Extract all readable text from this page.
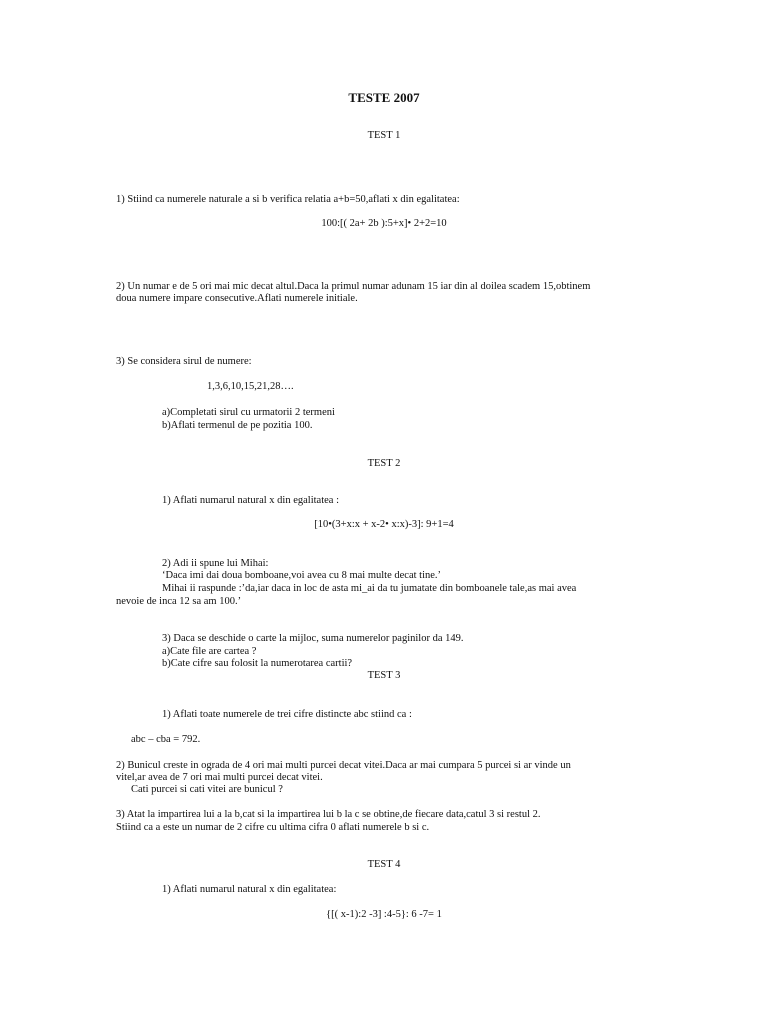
TESTE 2007
TEST 1
1) Stiind ca numerele naturale a si b verifica relatia a+b=50,aflati x din egalitatea:
100:[( 2a+ 2b ):5+x]• 2+2=10
2) Un numar e de 5 ori mai mic decat altul.Daca la primul numar adunam 15 iar din al doilea scadem 15,obtinem
doua numere impare consecutive.Aflati numerele initiale.
3) Se considera sirul de numere:
1,3,6,10,15,21,28….
a)Completati sirul cu urmatorii 2 termeni
b)Aflati termenul de pe pozitia 100.
TEST 2
1) Aflati numarul natural x din egalitatea :
[10•(3+x:x + x-2• x:x)-3]: 9+1=4
2) Adi ii spune lui Mihai:
‘Daca imi dai doua bomboane,voi avea cu 8 mai multe decat tine.’
Mihai ii raspunde :’da,iar daca in loc de asta mi_ai da tu jumatate din bomboanele tale,as mai avea
nevoie de inca 12 sa am 100.’
3) Daca se deschide o carte la mijloc, suma numerelor paginilor da 149.
a)Cate file are cartea ?
b)Cate cifre sau folosit la numerotarea cartii?
TEST 3
1) Aflati toate numerele de trei cifre distincte abc stiind ca :
abc – cba = 792.
2) Bunicul creste in ograda de 4 ori mai multi purcei decat vitei.Daca ar mai cumpara 5 purcei si ar vinde un
vitel,ar avea de 7 ori mai multi purcei decat vitei.
Cati purcei si cati vitei are bunicul ?
3) Atat la impartirea lui a la b,cat si la impartirea lui b la c se obtine,de fiecare data,catul 3 si restul 2.
Stiind ca a este un numar de 2 cifre cu ultima cifra 0 aflati numerele b si c.
TEST 4
1) Aflati numarul natural x din egalitatea:
{[( x-1):2 -3] :4-5}: 6 -7= 1
